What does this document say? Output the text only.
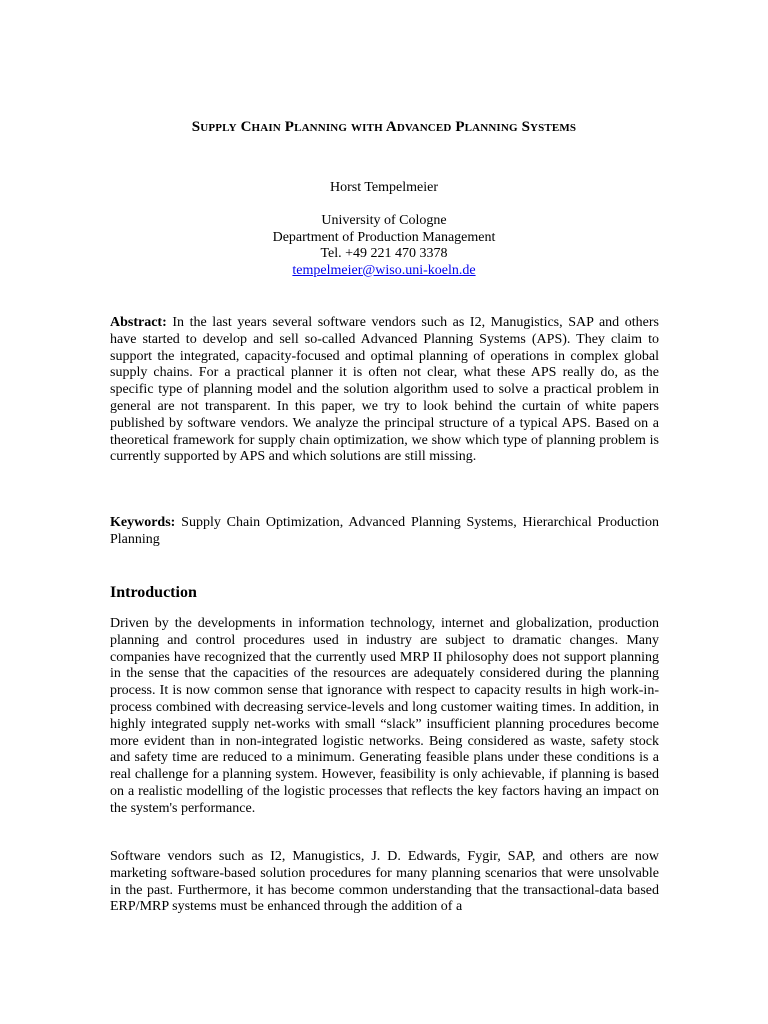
Supply Chain Planning with Advanced Planning Systems
Horst Tempelmeier
University of Cologne
Department of Production Management
Tel. +49 221 470 3378
tempelmeier@wiso.uni-koeln.de
Abstract: In the last years several software vendors such as I2, Manugistics, SAP and others have started to develop and sell so-called Advanced Planning Systems (APS). They claim to support the integrated, capacity-focused and optimal planning of operations in complex global supply chains. For a practical planner it is often not clear, what these APS really do, as the specific type of planning model and the solution algorithm used to solve a practical problem in general are not transparent. In this paper, we try to look behind the curtain of white papers published by software vendors. We analyze the principal structure of a typical APS. Based on a theoretical framework for supply chain optimization, we show which type of planning problem is currently supported by APS and which solutions are still missing.
Keywords: Supply Chain Optimization, Advanced Planning Systems, Hierarchical Production Planning
Introduction
Driven by the developments in information technology, internet and globalization, production planning and control procedures used in industry are subject to dramatic changes. Many companies have recognized that the currently used MRP II philosophy does not support planning in the sense that the capacities of the resources are adequately considered during the planning process. It is now common sense that ignorance with respect to capacity results in high work-in-process combined with decreasing service-levels and long customer waiting times. In addition, in highly integrated supply net-works with small “slack” insufficient planning procedures become more evident than in non-integrated logistic networks. Being considered as waste, safety stock and safety time are reduced to a minimum. Generating feasible plans under these conditions is a real challenge for a planning system. However, feasibility is only achievable, if planning is based on a realistic modelling of the logistic processes that reflects the key factors having an impact on the system's performance.
Software vendors such as I2, Manugistics, J. D. Edwards, Fygir, SAP, and others are now marketing software-based solution procedures for many planning scenarios that were unsolvable in the past. Furthermore, it has become common understanding that the transactional-data based ERP/MRP systems must be enhanced through the addition of a
